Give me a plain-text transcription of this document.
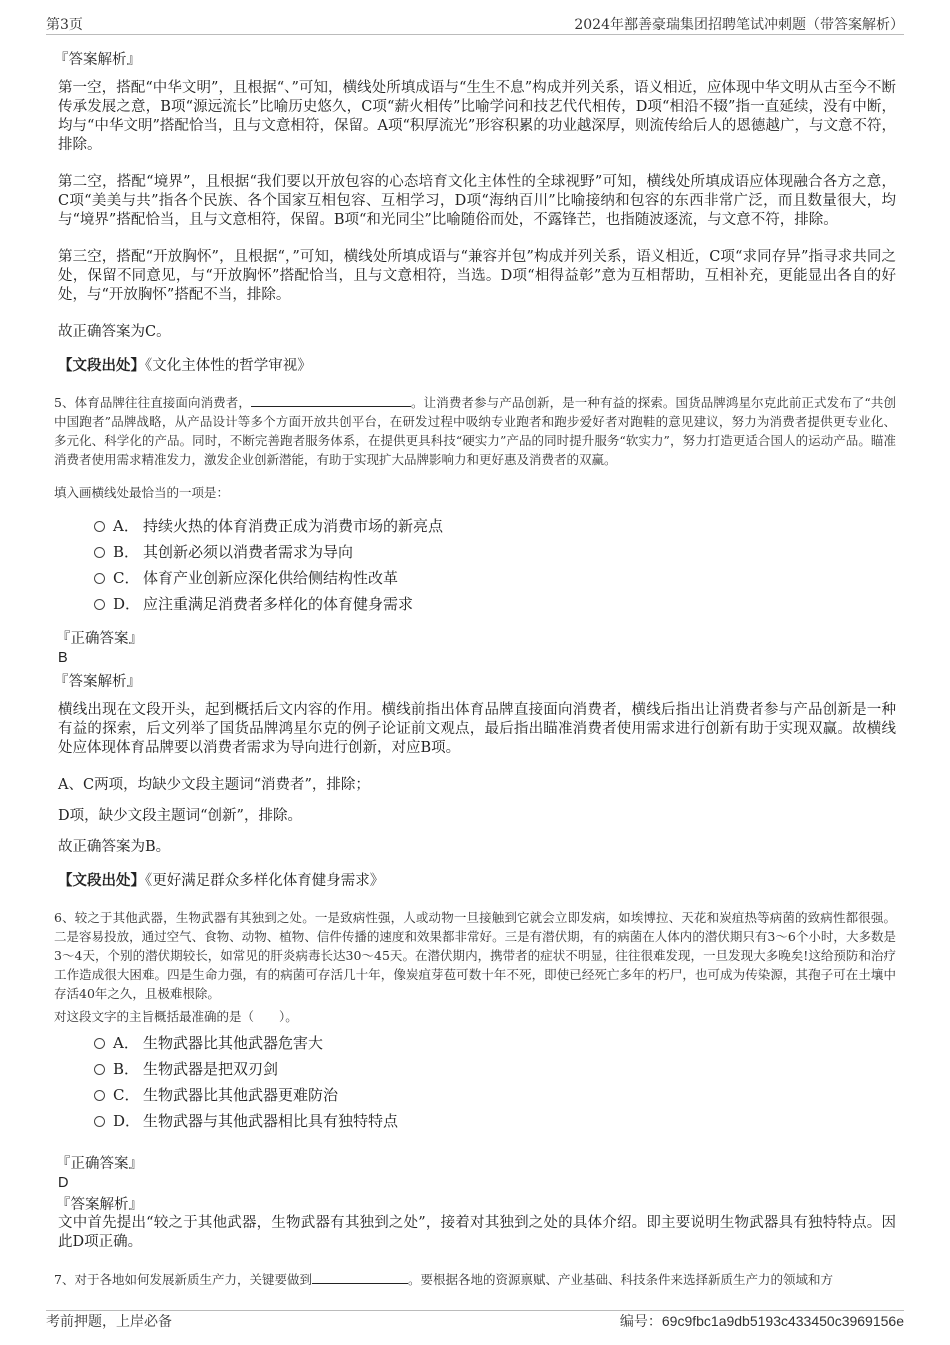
第3页	2024年鄯善豪瑞集团招聘笔试冲刺题（带答案解析）
『答案解析』
第一空，搭配“中华文明”，且根据“、”可知，横线处所填成语与“生生不息”构成并列关系，语义相近，应体现中华文明从古至今不断传承发展之意，B项“源远流长”比喻历史悠久，C项“薪火相传”比喻学问和技艺代代相传，D项“相沿不辍”指一直延续，没有中断，均与“中华文明”搭配恰当，且与文意相符，保留。A项“积厚流光”形容积累的功业越深厚，则流传给后人的恩德越广，与文意不符，排除。
第二空，搭配“境界”，且根据“我们要以开放包容的心态培育文化主体性的全球视野”可知，横线处所填成语应体现融合各方之意，C项“美美与共”指各个民族、各个国家互相包容、互相学习，D项“海纳百川”比喻接纳和包容的东西非常广泛，而且数量很大，均与“境界”搭配恰当，且与文意相符，保留。B项“和光同尘”比喻随俗而处，不露锋芒，也指随波逐流，与文意不符，排除。
第三空，搭配“开放胸怀”，且根据“，”可知，横线处所填成语与“兼容并包”构成并列关系，语义相近，C项“求同存异”指寻求共同之处，保留不同意见，与“开放胸怀”搭配恰当，且与文意相符，当选。D项“相得益彰”意为互相帮助，互相补充，更能显出各自的好处，与“开放胸怀”搭配不当，排除。
故正确答案为C。
【文段出处】《文化主体性的哲学审视》
5、体育品牌往往直接面向消费者，	。让消费者参与产品创新，是一种有益的探索。国货品牌鸿星尔克此前正式发布了“共创中国跑者”品牌战略，从产品设计等多个方面开放共创平台，在研发过程中吸纳专业跑者和跑步爱好者对跑鞋的意见建议，努力为消费者提供更专业化、多元化、科学化的产品。同时，不断完善跑者服务体系，在提供更具科技“硬实力”产品的同时提升服务“软实力”，努力打造更适合国人的运动产品。瞄准消费者使用需求精准发力，激发企业创新潜能，有助于实现扩大品牌影响力和更好惠及消费者的双赢。
填入画横线处最恰当的一项是：
A． 持续火热的体育消费正成为消费市场的新亮点
B． 其创新必须以消费者需求为导向
C． 体育产业创新应深化供给侧结构性改革
D． 应注重满足消费者多样化的体育健身需求
『正确答案』
B
『答案解析』
横线出现在文段开头，起到概括后文内容的作用。横线前指出体育品牌直接面向消费者，横线后指出让消费者参与产品创新是一种有益的探索，后文列举了国货品牌鸿星尔克的例子论证前文观点，最后指出瞄准消费者使用需求进行创新有助于实现双赢。故横线处应体现体育品牌要以消费者需求为导向进行创新，对应B项。
A、C两项，均缺少文段主题词“消费者”，排除；
D项，缺少文段主题词“创新”，排除。
故正确答案为B。
【文段出处】《更好满足群众多样化体育健身需求》
6、较之于其他武器，生物武器有其独到之处。一是致病性强，人或动物一旦接触到它就会立即发病，如埃博拉、天花和炭疽热等病菌的致病性都很强。二是容易投放，通过空气、食物、动物、植物、信件传播的速度和效果都非常好。三是有潜伏期，有的病菌在人体内的潜伏期只有3～6个小时，大多数是3～4天，个别的潜伏期较长，如常见的肝炎病毒长达30～45天。在潜伏期内，携带者的症状不明显，往往很难发现，一旦发现大多晚矣!这给预防和治疗工作造成很大困难。四是生命力强，有的病菌可存活几十年，像炭疽芽苞可数十年不死，即使已经死亡多年的朽尸，也可成为传染源，其孢子可在土壤中存活40年之久，且极难根除。
对这段文字的主旨概括最准确的是（　　）。
A． 生物武器比其他武器危害大
B． 生物武器是把双刃剑
C． 生物武器比其他武器更难防治
D． 生物武器与其他武器相比具有独特特点
『正确答案』
D
『答案解析』
文中首先提出“较之于其他武器，生物武器有其独到之处”，接着对其独到之处的具体介绍。即主要说明生物武器具有独特特点。因此D项正确。
7、对于各地如何发展新质生产力，关键要做到	。要根据各地的资源禀赋、产业基础、科技条件来选择新质生产力的领域和方
考前押题，上岸必备	编号：69c9fbc1a9db5193c433450c3969156e
